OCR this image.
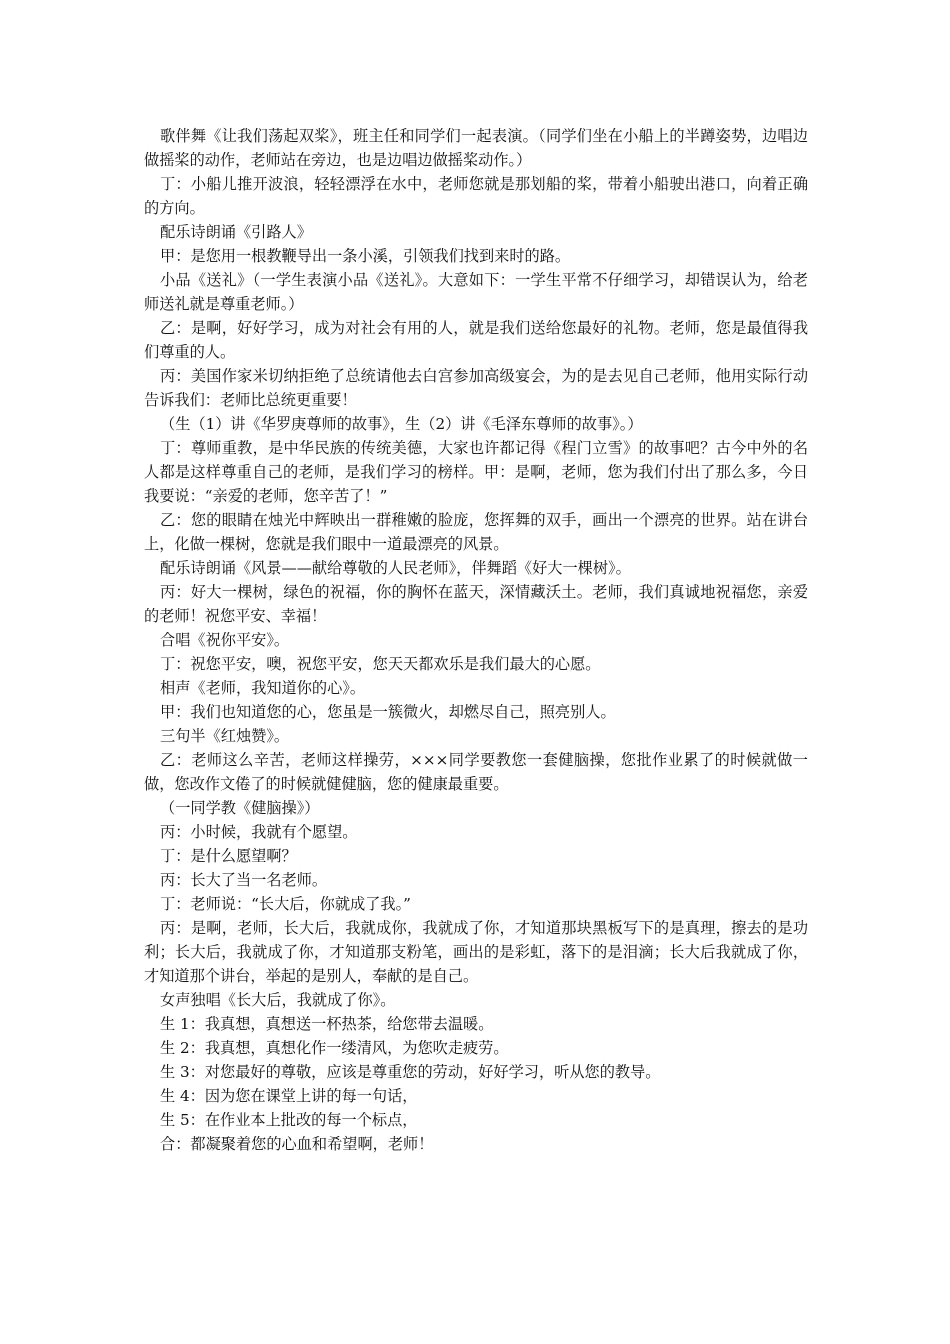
歌伴舞《让我们荡起双桨》，班主任和同学们一起表演。（同学们坐在小船上的半蹲姿势，边唱边做摇桨的动作，老师站在旁边，也是边唱边做摇桨动作。）

丁：小船儿推开波浪，轻轻漂浮在水中，老师您就是那划船的桨，带着小船驶出港口，向着正确的方向。

配乐诗朗诵《引路人》

甲：是您用一根教鞭导出一条小溪，引领我们找到来时的路。

小品《送礼》（一学生表演小品《送礼》。大意如下：一学生平常不仔细学习，却错误认为，给老师送礼就是尊重老师。）

乙：是啊，好好学习，成为对社会有用的人，就是我们送给您最好的礼物。老师，您是最值得我们尊重的人。

丙：美国作家米切纳拒绝了总统请他去白宫参加高级宴会，为的是去见自己老师，他用实际行动告诉我们：老师比总统更重要！

（生（1）讲《华罗庚尊师的故事》，生（2）讲《毛泽东尊师的故事》。）

丁：尊师重教，是中华民族的传统美德，大家也许都记得《程门立雪》的故事吧？古今中外的名人都是这样尊重自己的老师，是我们学习的榜样。甲：是啊，老师，您为我们付出了那么多，今日我要说：“亲爱的老师，您辛苦了！”

乙：您的眼睛在烛光中辉映出一群稚嫩的脸庞，您挥舞的双手，画出一个漂亮的世界。站在讲台上，化做一棵树，您就是我们眼中一道最漂亮的风景。

配乐诗朗诵《风景——献给尊敬的人民老师》，伴舞蹈《好大一棵树》。

丙：好大一棵树，绿色的祝福，你的胸怀在蓝天，深情藏沃土。老师，我们真诚地祝福您，亲爱的老师！祝您平安、幸福！

合唱《祝你平安》。

丁：祝您平安，噢，祝您平安，您天天都欢乐是我们最大的心愿。

相声《老师，我知道你的心》。

甲：我们也知道您的心，您虽是一簇微火，却燃尽自己，照亮别人。

三句半《红烛赞》。

乙：老师这么辛苦，老师这样操劳，×××同学要教您一套健脑操，您批作业累了的时候就做一做，您改作文倦了的时候就健健脑，您的健康最重要。

（一同学教《健脑操》）

丙：小时候，我就有个愿望。

丁：是什么愿望啊？

丙：长大了当一名老师。

丁：老师说：“长大后，你就成了我。”

丙：是啊，老师，长大后，我就成你，我就成了你，才知道那块黑板写下的是真理，擦去的是功利；长大后，我就成了你，才知道那支粉笔，画出的是彩虹，落下的是泪滴；长大后我就成了你，才知道那个讲台，举起的是别人，奉献的是自己。

女声独唱《长大后，我就成了你》。

生 1：我真想，真想送一杯热茶，给您带去温暖。

生 2：我真想，真想化作一缕清风，为您吹走疲劳。

生 3：对您最好的尊敬，应该是尊重您的劳动，好好学习，听从您的教导。

生 4：因为您在课堂上讲的每一句话，

生 5：在作业本上批改的每一个标点，

合：都凝聚着您的心血和希望啊，老师！
